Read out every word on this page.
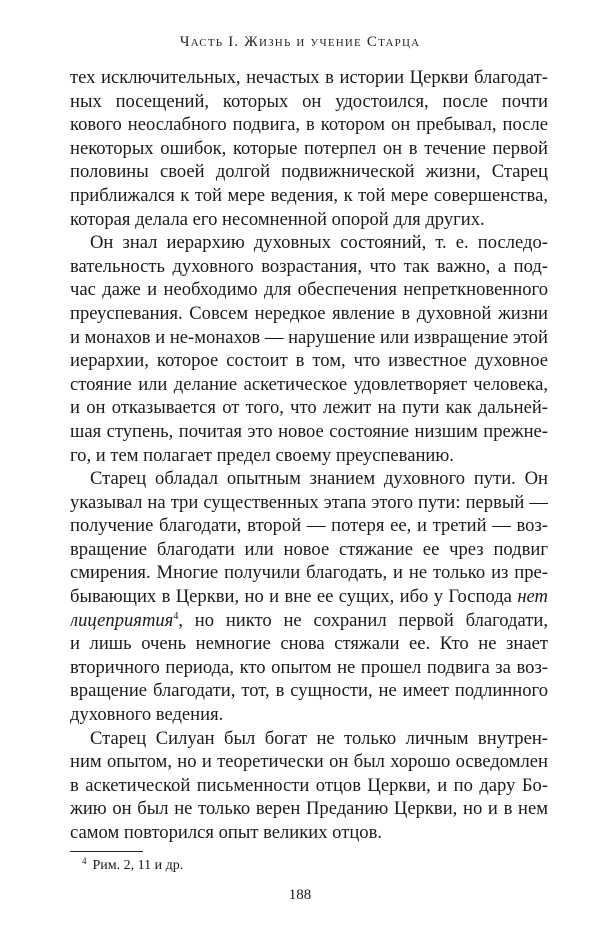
Часть I. Жизнь и учение Старца
тех исключительных, нечастых в истории Церкви благодат-
ных посещений, которых он удостоился, после почти
кового неослабного подвига, в котором он пребывал, после
некоторых ошибок, которые потерпел он в течение первой
половины своей долгой подвижнической жизни, Старец
приближался к той мере ведения, к той мере совершенства,
которая делала его несомненной опорой для других.
Он знал иерархию духовных состояний, т. е. последо-
вательность духовного возрастания, что так важно, а под-
час даже и необходимо для обеспечения непреткновенного
преуспевания. Совсем нередкое явление в духовной жизни
и монахов и не-монахов — нарушение или извращение этой
иерархии, которое состоит в том, что известное духовное
стояние или делание аскетическое удовлетворяет человека,
и он отказывается от того, что лежит на пути как дальней-
шая ступень, почитая это новое состояние низшим прежне-
го, и тем полагает предел своему преуспеванию.
Старец обладал опытным знанием духовного пути. Он
указывал на три существенных этапа этого пути: первый —
получение благодати, второй — потеря ее, и третий — воз-
вращение благодати или новое стяжание ее чрез подвиг
смирения. Многие получили благодать, и не только из пре-
бывающих в Церкви, но и вне ее сущих, ибо у Господа нет
лицеприятия$^4$, но никто не сохранил первой благодати,
и лишь очень немногие снова стяжали ее. Кто не знает
вторичного периода, кто опытом не прошел подвига за воз-
вращение благодати, тот, в сущности, не имеет подлинного
духовного ведения.
Старец Силуан был богат не только личным внутрен-
ним опытом, но и теоретически он был хорошо осведомлен
в аскетической письменности отцов Церкви, и по дару Бо-
жию он был не только верен Преданию Церкви, но и в нем
самом повторился опыт великих отцов.
$^4$ Рим. 2, 11 и др.
188
